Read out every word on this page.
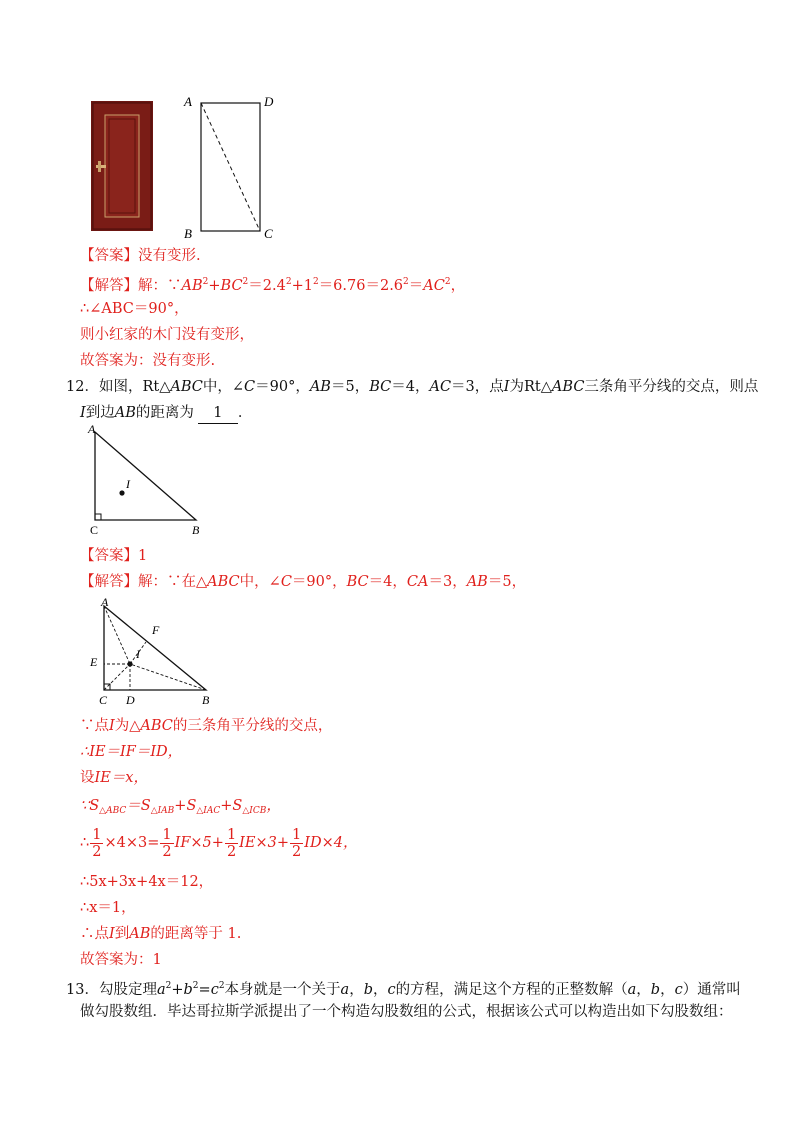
A	D
B	C
【答案】没有变形.
【解答】解：$\because AB^2+BC^2=2.4^2+1^2=6.76=2.6^2=AC^2$，
∴∠ABC＝90°，
则小红家的木门没有变形，
故答案为：没有变形.
12．如图，Rt△ABC中，∠C＝90°，AB＝5，BC＝4，AC＝3，点I为Rt△ABC三条角平分线的交点，则点
I到边AB的距离为 1 ．
A
I
C	B
【答案】1
【解答】解：∵在△ABC中，∠C＝90°，BC＝4，CA＝3，AB＝5，
A
F
I
E
C D	B
∵点I为△ABC的三条角平分线的交点，
∴IE＝IF＝ID，
设IE＝x，
$\because S_{\triangle ABC}=S_{\triangle IAB}+S_{\triangle IAC}+S_{\triangle ICB}$，
∴ $\frac{1}{2} \times 4\times 3= \frac{1}{2} IF\times 5+ \frac{1}{2} IE\times 3+ \frac{1}{2} ID\times 4$，
∴5x+3x+4x＝12，
∴x＝1，
∴点I到AB的距离等于 1.
故答案为：1
13．勾股定理$a^2+b^2=c^2$本身就是一个关于a，b，c的方程，满足这个方程的正整数解（a，b，c）通常叫
做勾股数组．毕达哥拉斯学派提出了一个构造勾股数组的公式，根据该公式可以构造出如下勾股数组：
